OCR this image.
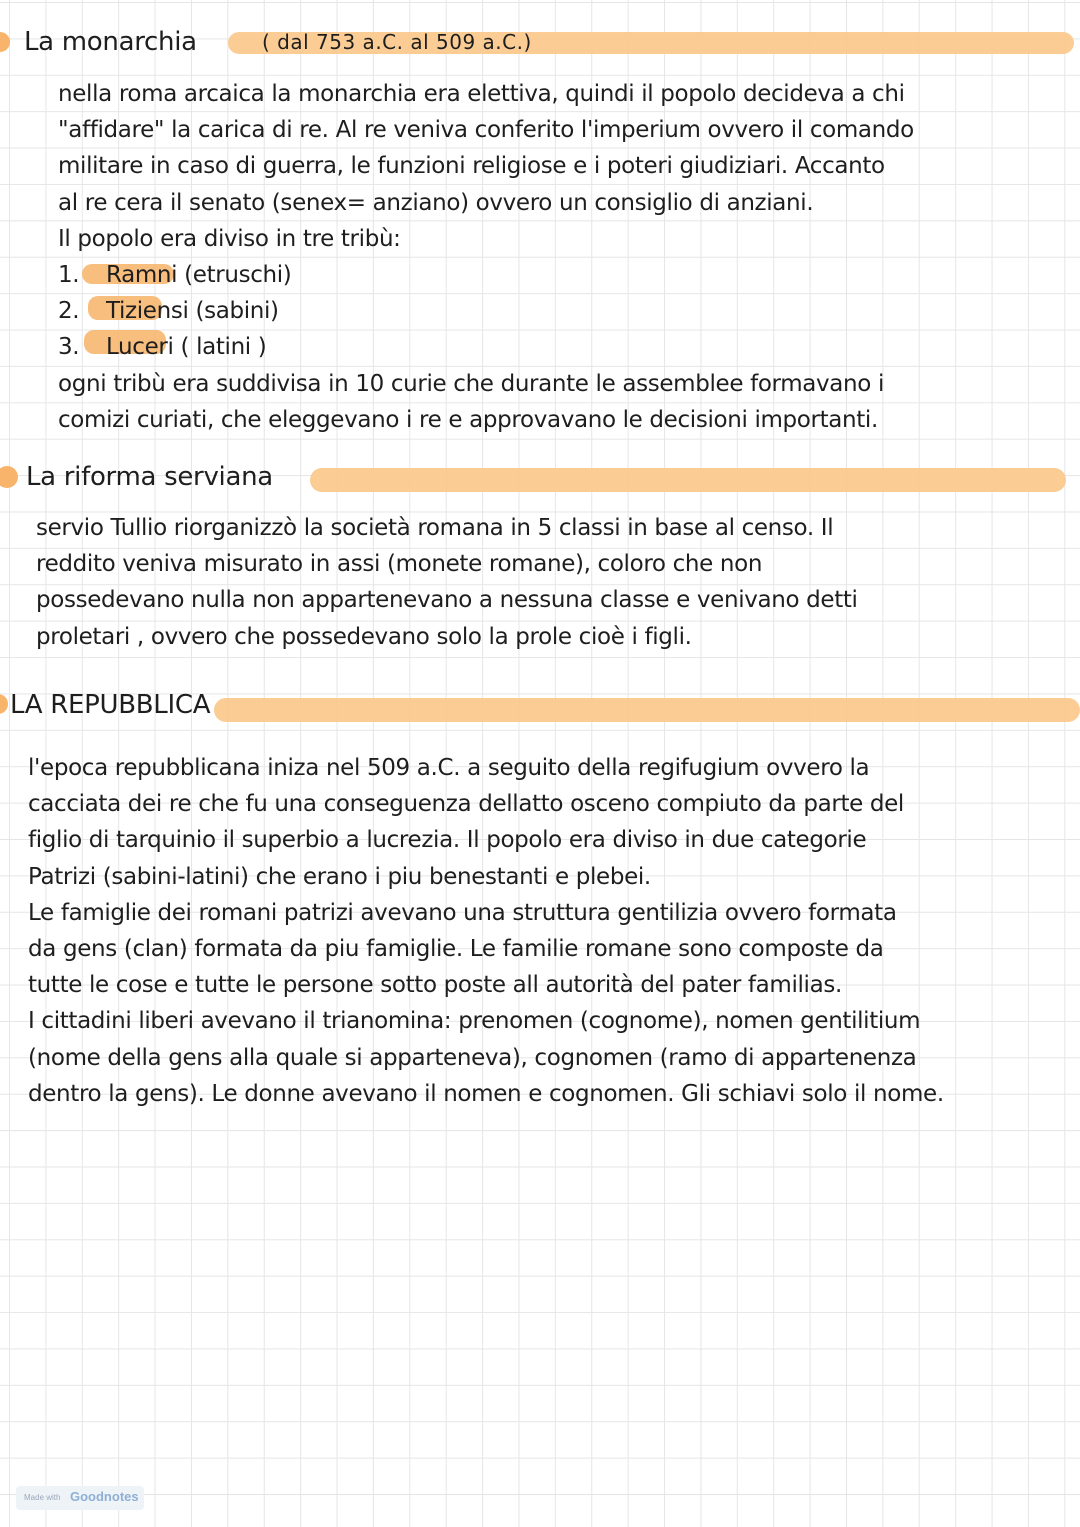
La monarchia	( dal 753 a.C. al 509 a.C.)
nella roma arcaica la monarchia era elettiva, quindi il popolo decideva a chi
"affidare" la carica di re. Al re veniva conferito l'imperium ovvero il comando
militare in caso di guerra, le funzioni religiose e i poteri giudiziari. Accanto
al re cera il senato (senex= anziano) ovvero un consiglio di anziani.
Il popolo era diviso in tre tribù:
1. Ramni (etruschi)
2. Tiziensi (sabini)
3. Luceri ( latini )
ogni tribù era suddivisa in 10 curie che durante le assemblee formavano i
comizi curiati, che eleggevano i re e approvavano le decisioni importanti.
La riforma serviana
servio Tullio riorganizzò la società romana in 5 classi in base al censo. Il
reddito veniva misurato in assi (monete romane), coloro che non
possedevano nulla non appartenevano a nessuna classe e venivano detti
proletari , ovvero che possedevano solo la prole cioè i figli.
LA REPUBBLICA
l'epoca repubblicana iniza nel 509 a.C. a seguito della regifugium ovvero la
cacciata dei re che fu una conseguenza dellatto osceno compiuto da parte del
figlio di tarquinio il superbio a lucrezia. Il popolo era diviso in due categorie
Patrizi (sabini-latini) che erano i piu benestanti e plebei.
Le famiglie dei romani patrizi avevano una struttura gentilizia ovvero formata
da gens (clan) formata da piu famiglie. Le familie romane sono composte da
tutte le cose e tutte le persone sotto poste all autorità del pater familias.
I cittadini liberi avevano il trianomina: prenomen (cognome), nomen gentilitium
(nome della gens alla quale si apparteneva), cognomen (ramo di appartenenza
dentro la gens). Le donne avevano il nomen e cognomen. Gli schiavi solo il nome.
Made with Goodnotes
